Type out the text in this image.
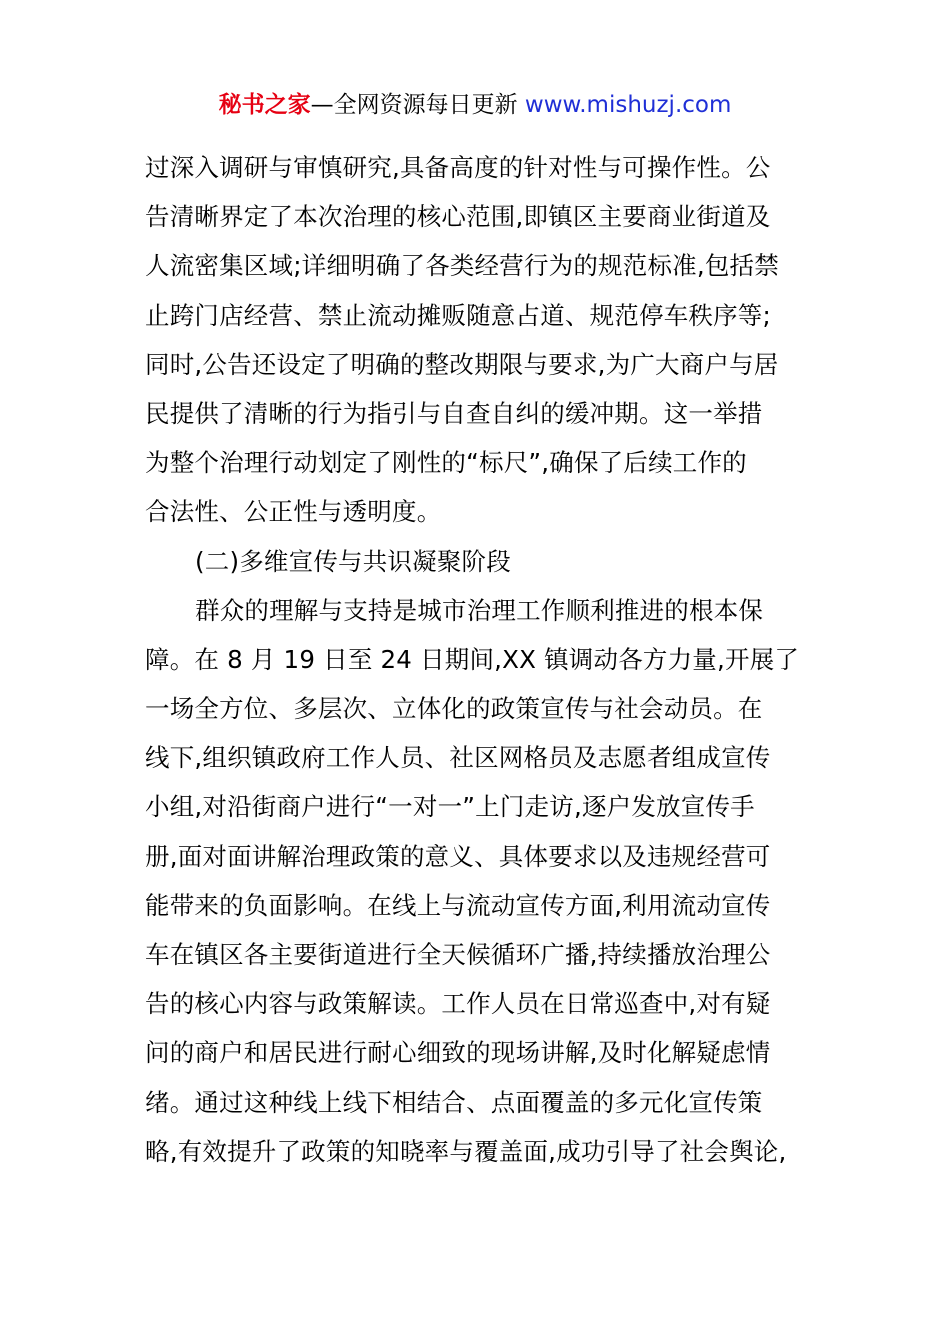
秘书之家—全网资源每日更新 www.mishuzj.com
过深入调研与审慎研究,具备高度的针对性与可操作性。公
告清晰界定了本次治理的核心范围,即镇区主要商业街道及
人流密集区域;详细明确了各类经营行为的规范标准,包括禁
止跨门店经营、禁止流动摊贩随意占道、规范停车秩序等;
同时,公告还设定了明确的整改期限与要求,为广大商户与居
民提供了清晰的行为指引与自查自纠的缓冲期。这一举措
为整个治理行动划定了刚性的“标尺”,确保了后续工作的
合法性、公正性与透明度。
(二)多维宣传与共识凝聚阶段
群众的理解与支持是城市治理工作顺利推进的根本保
障。在 8 月 19 日至 24 日期间,XX 镇调动各方力量,开展了
一场全方位、多层次、立体化的政策宣传与社会动员。在
线下,组织镇政府工作人员、社区网格员及志愿者组成宣传
小组,对沿街商户进行“一对一”上门走访,逐户发放宣传手
册,面对面讲解治理政策的意义、具体要求以及违规经营可
能带来的负面影响。在线上与流动宣传方面,利用流动宣传
车在镇区各主要街道进行全天候循环广播,持续播放治理公
告的核心内容与政策解读。工作人员在日常巡查中,对有疑
问的商户和居民进行耐心细致的现场讲解,及时化解疑虑情
绪。通过这种线上线下相结合、点面覆盖的多元化宣传策
略,有效提升了政策的知晓率与覆盖面,成功引导了社会舆论,
